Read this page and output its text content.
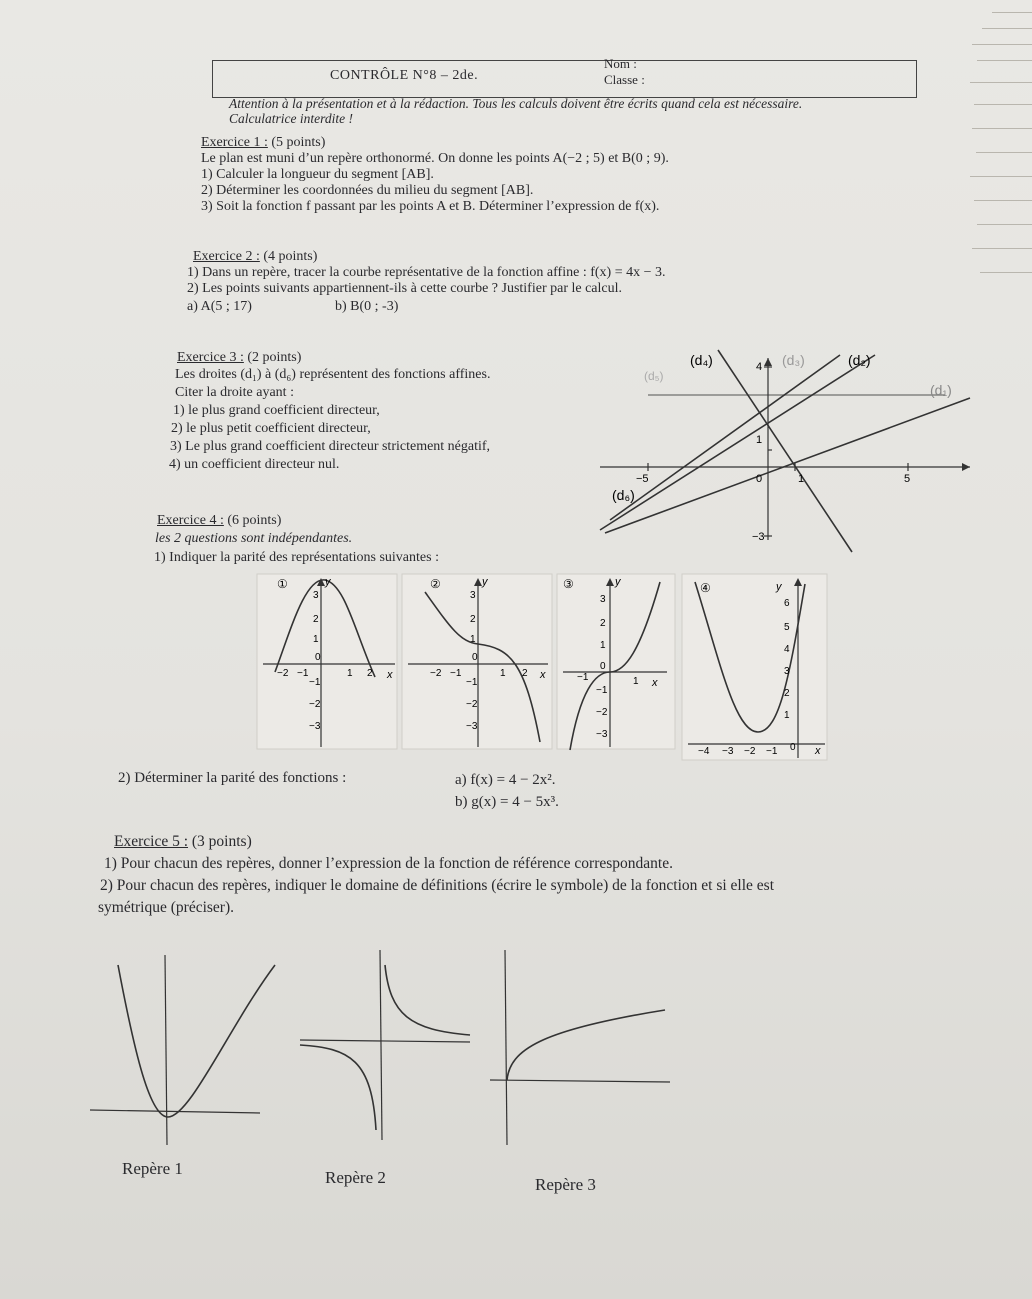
CONTRÔLE N°8 – 2de.
Nom :
Classe :
Attention à la présentation et à la rédaction. Tous les calculs doivent être écrits quand cela est nécessaire.
Calculatrice interdite !
Exercice 1 : (5 points)
Le plan est muni d’un repère orthonormé. On donne les points A(−2 ; 5) et B(0 ; 9).
1) Calculer la longueur du segment [AB].
2) Déterminer les coordonnées du milieu du segment [AB].
3) Soit la fonction f passant par les points A et B. Déterminer l’expression de f(x).
Exercice 2 : (4 points)
1) Dans un repère, tracer la courbe représentative de la fonction affine : f(x) = 4x − 3.
2) Les points suivants appartiennent-ils à cette courbe ? Justifier par le calcul.
a) A(5 ; 17)	b) B(0 ; -3)
Exercice 3 : (2 points)
Les droites (d₁) à (d₆) représentent des fonctions affines.
Citer la droite ayant :
1) le plus grand coefficient directeur,
2) le plus petit coefficient directeur,
3) Le plus grand coefficient directeur strictement négatif,
4) un coefficient directeur nul.
(d₄)	(d₃)	(d₂)
(d₁)
(d₅)
(d₆)
4
1
−5	0	1	5
−3
Exercice 4 : (6 points)
les 2 questions sont indépendantes.
1) Indiquer la parité des représentations suivantes :
①	y
x
3
2
1
−1
−2
−3
−2 −1
0
1 2
②	y
x
3
2
1
−1
−2
−3
−2 −1
0
1 2
③	y
x
3
2
1
−1
−2
−3
−1
0
1
④	y
x
6
5
4
3
2
1
−4 −3 −2 −1 0
2) Déterminer la parité des fonctions :	a) f(x) = 4 − 2x².
b) g(x) = 4 − 5x³.
Exercice 5 : (3 points)
1) Pour chacun des repères, donner l’expression de la fonction de référence correspondante.
2) Pour chacun des repères, indiquer le domaine de définitions (écrire le symbole) de la fonction et si elle est
symétrique (préciser).
Repère 1	Repère 2	Repère 3
